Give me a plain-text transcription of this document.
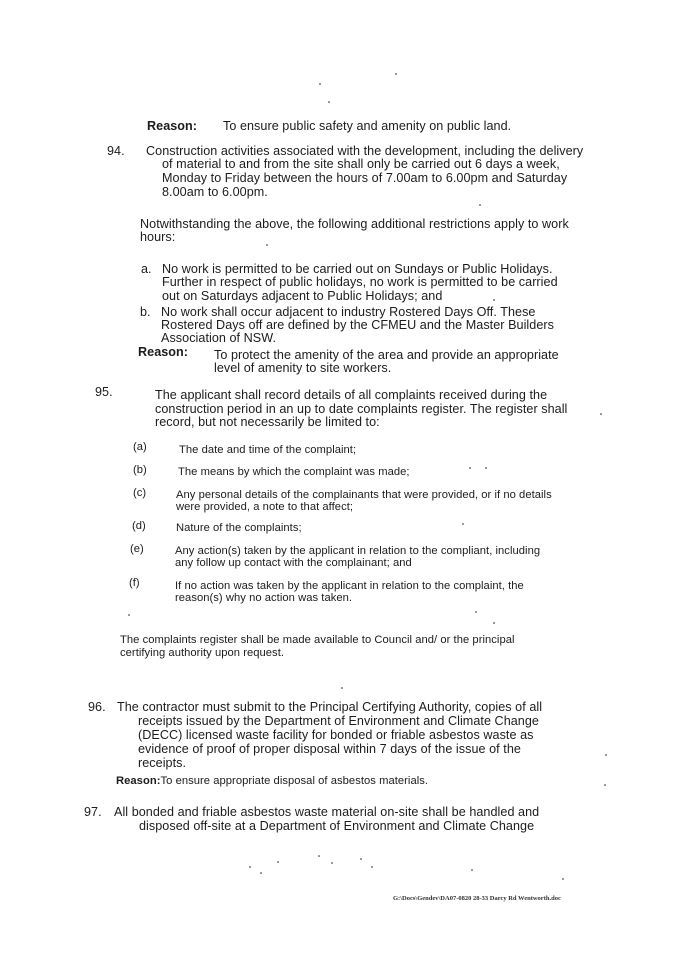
Reason: To ensure public safety and amenity on public land.
94. Construction activities associated with the development, including the delivery
of material to and from the site shall only be carried out 6 days a week,
Monday to Friday between the hours of 7.00am to 6.00pm and Saturday
8.00am to 6.00pm.
Notwithstanding the above, the following additional restrictions apply to work
hours:
a. No work is permitted to be carried out on Sundays or Public Holidays.
Further in respect of public holidays, no work is permitted to be carried
out on Saturdays adjacent to Public Holidays; and
b. No work shall occur adjacent to industry Rostered Days Off. These
Rostered Days off are defined by the CFMEU and the Master Builders
Association of NSW.
Reason: To protect the amenity of the area and provide an appropriate
level of amenity to site workers.
95.	The applicant shall record details of all complaints received during the
construction period in an up to date complaints register. The register shall
record, but not necessarily be limited to:
(a)	The date and time of the complaint;
(b)	The means by which the complaint was made;
(c)	Any personal details of the complainants that were provided, or if no details
were provided, a note to that affect;
(d)	Nature of the complaints;
(e)	Any action(s) taken by the applicant in relation to the compliant, including
any follow up contact with the complainant; and
(f)	If no action was taken by the applicant in relation to the complaint, the
reason(s) why no action was taken.
The complaints register shall be made available to Council and/ or the principal
certifying authority upon request.
96. The contractor must submit to the Principal Certifying Authority, copies of all
receipts issued by the Department of Environment and Climate Change
(DECC) licensed waste facility for bonded or friable asbestos waste as
evidence of proof of proper disposal within 7 days of the issue of the
receipts.
Reason:To ensure appropriate disposal of asbestos materials.
97. All bonded and friable asbestos waste material on-site shall be handled and
disposed off-site at a Department of Environment and Climate Change
G:\Docs\Gendev\DA07-0820 28-33 Darcy Rd Wentworth.doc
